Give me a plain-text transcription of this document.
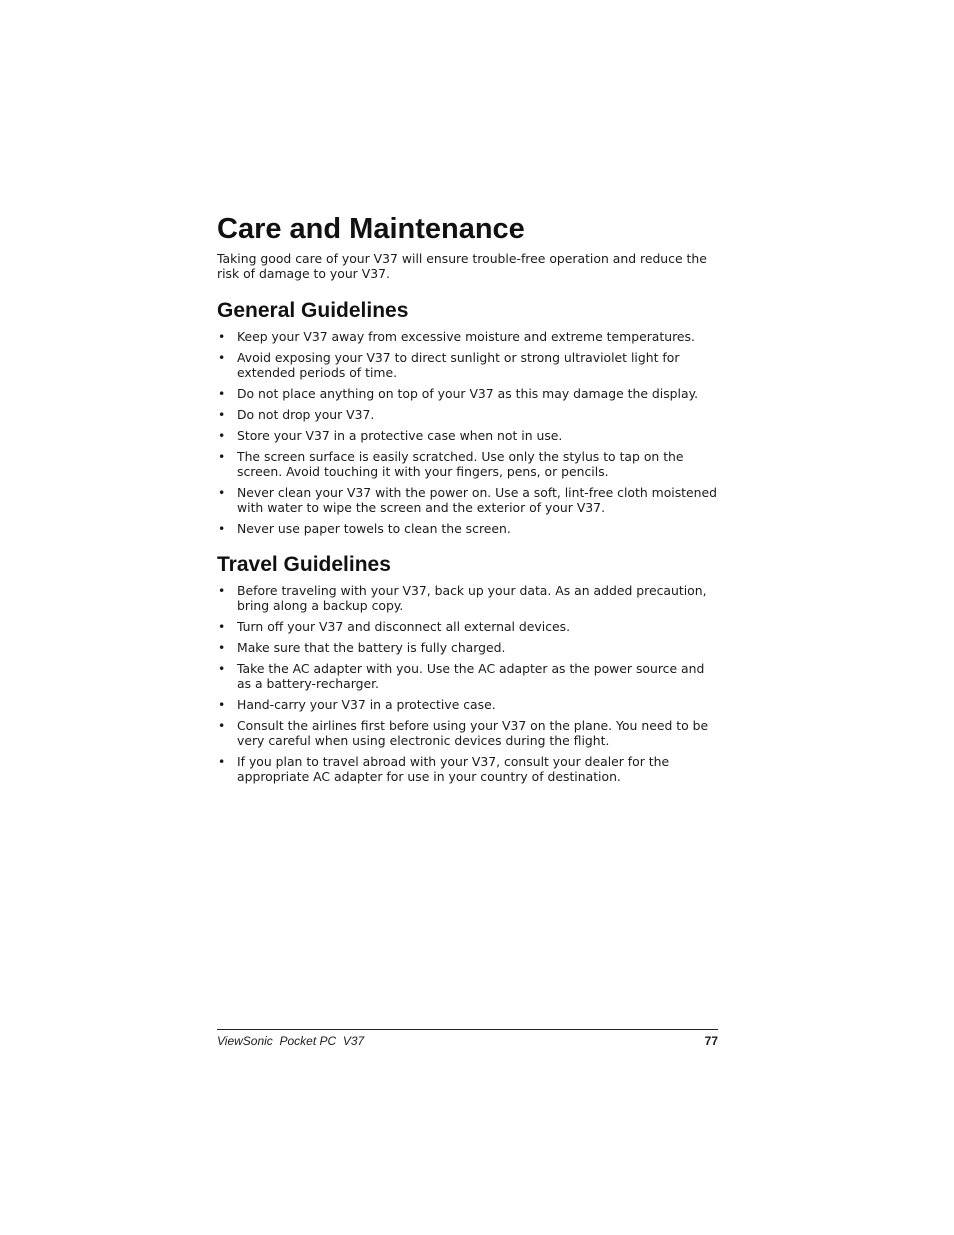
Care and Maintenance

Taking good care of your V37 will ensure trouble-free operation and reduce the risk of damage to your V37.

General Guidelines
• Keep your V37 away from excessive moisture and extreme temperatures.
• Avoid exposing your V37 to direct sunlight or strong ultraviolet light for extended periods of time.
• Do not place anything on top of your V37 as this may damage the display.
• Do not drop your V37.
• Store your V37 in a protective case when not in use.
• The screen surface is easily scratched. Use only the stylus to tap on the screen. Avoid touching it with your fingers, pens, or pencils.
• Never clean your V37 with the power on. Use a soft, lint-free cloth moistened with water to wipe the screen and the exterior of your V37.
• Never use paper towels to clean the screen.
Travel Guidelines
• Before traveling with your V37, back up your data. As an added precaution, bring along a backup copy.
• Turn off your V37 and disconnect all external devices.
• Make sure that the battery is fully charged.
• Take the AC adapter with you. Use the AC adapter as the power source and as a battery-recharger.
• Hand-carry your V37 in a protective case.
• Consult the airlines first before using your V37 on the plane. You need to be very careful when using electronic devices during the flight.
• If you plan to travel abroad with your V37, consult your dealer for the appropriate AC adapter for use in your country of destination.
ViewSonic  Pocket PC  V37	77
